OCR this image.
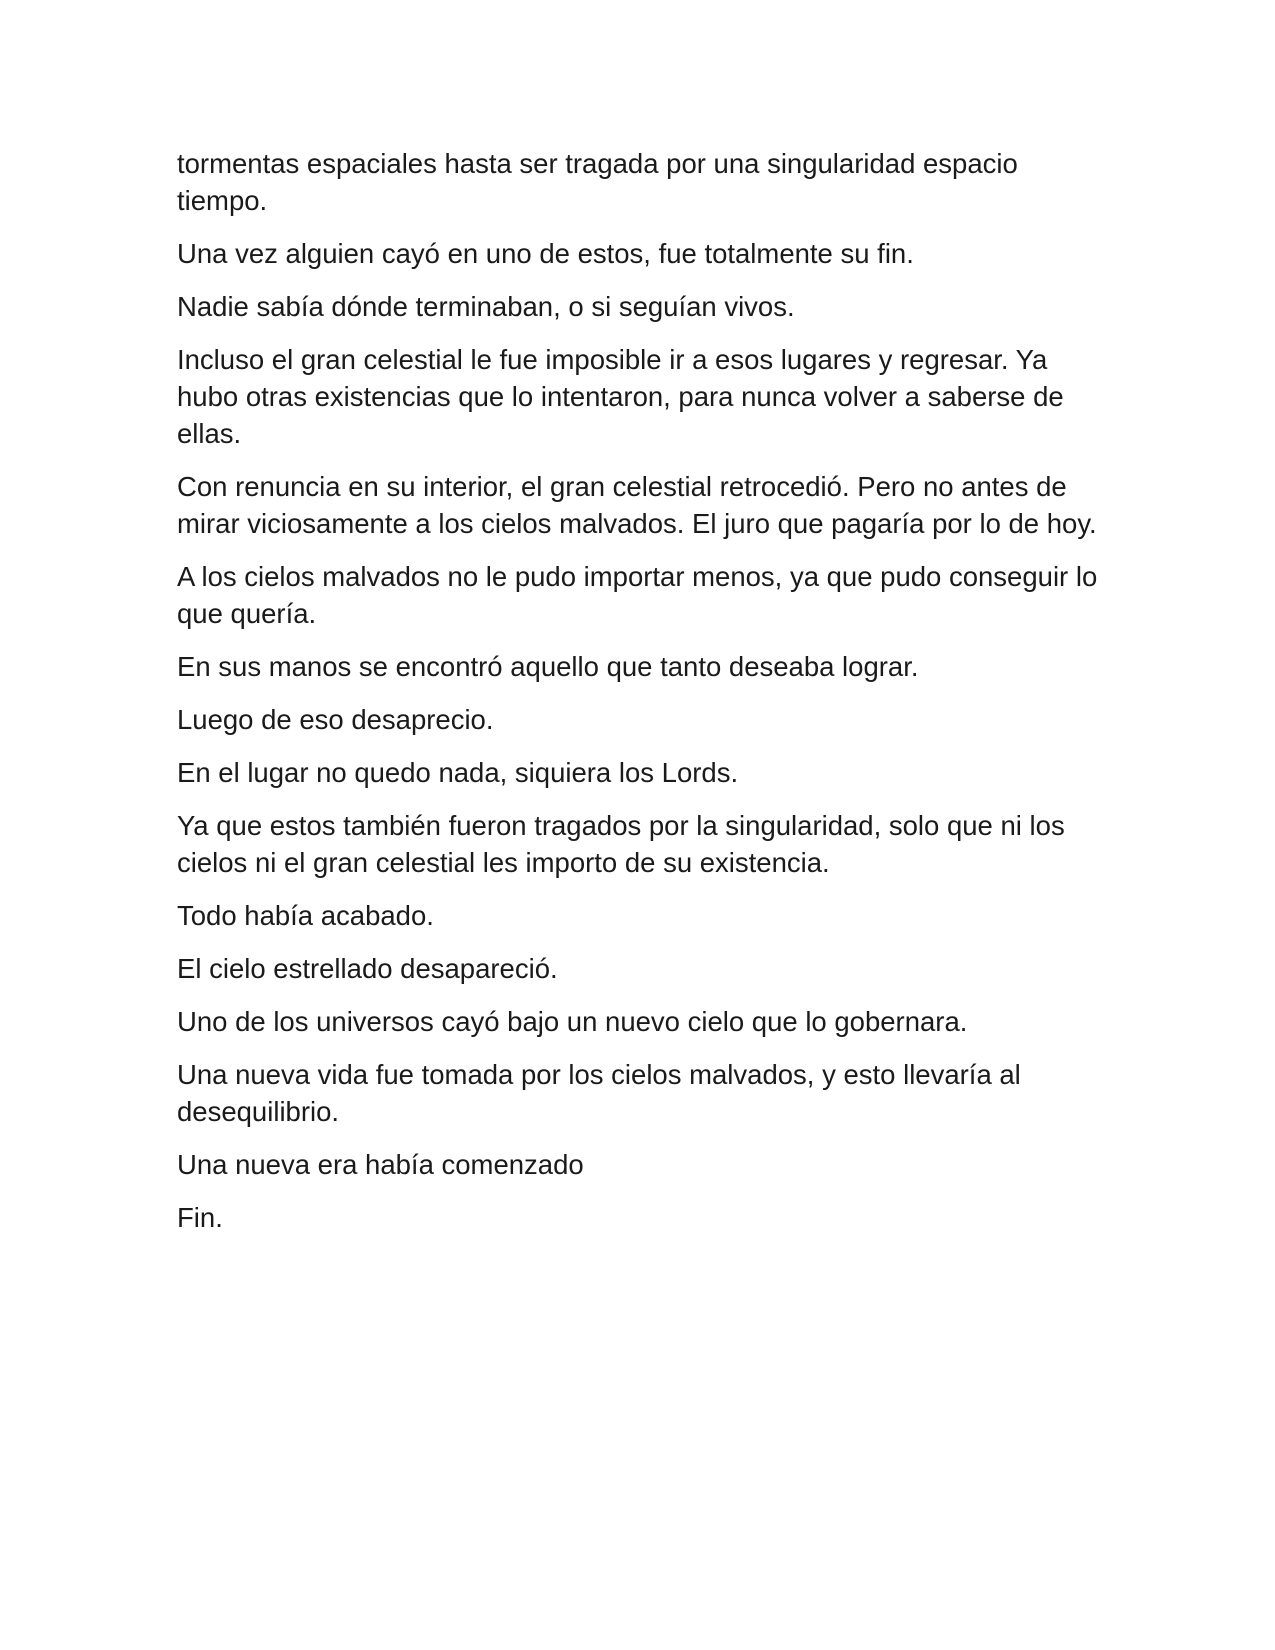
tormentas espaciales hasta ser tragada por una singularidad espacio tiempo.

Una vez alguien cayó en uno de estos, fue totalmente su fin.

Nadie sabía dónde terminaban, o si seguían vivos.

Incluso el gran celestial le fue imposible ir a esos lugares y regresar. Ya hubo otras existencias que lo intentaron, para nunca volver a saberse de ellas.

Con renuncia en su interior, el gran celestial retrocedió. Pero no antes de mirar viciosamente a los cielos malvados. El juro que pagaría por lo de hoy.

A los cielos malvados no le pudo importar menos, ya que pudo conseguir lo que quería.

En sus manos se encontró aquello que tanto deseaba lograr.

Luego de eso desaprecio.

En el lugar no quedo nada, siquiera los Lords.

Ya que estos también fueron tragados por la singularidad, solo que ni los cielos ni el gran celestial les importo de su existencia.

Todo había acabado.

El cielo estrellado desapareció.

Uno de los universos cayó bajo un nuevo cielo que lo gobernara.

Una nueva vida fue tomada por los cielos malvados, y esto llevaría al desequilibrio.

Una nueva era había comenzado

Fin.
